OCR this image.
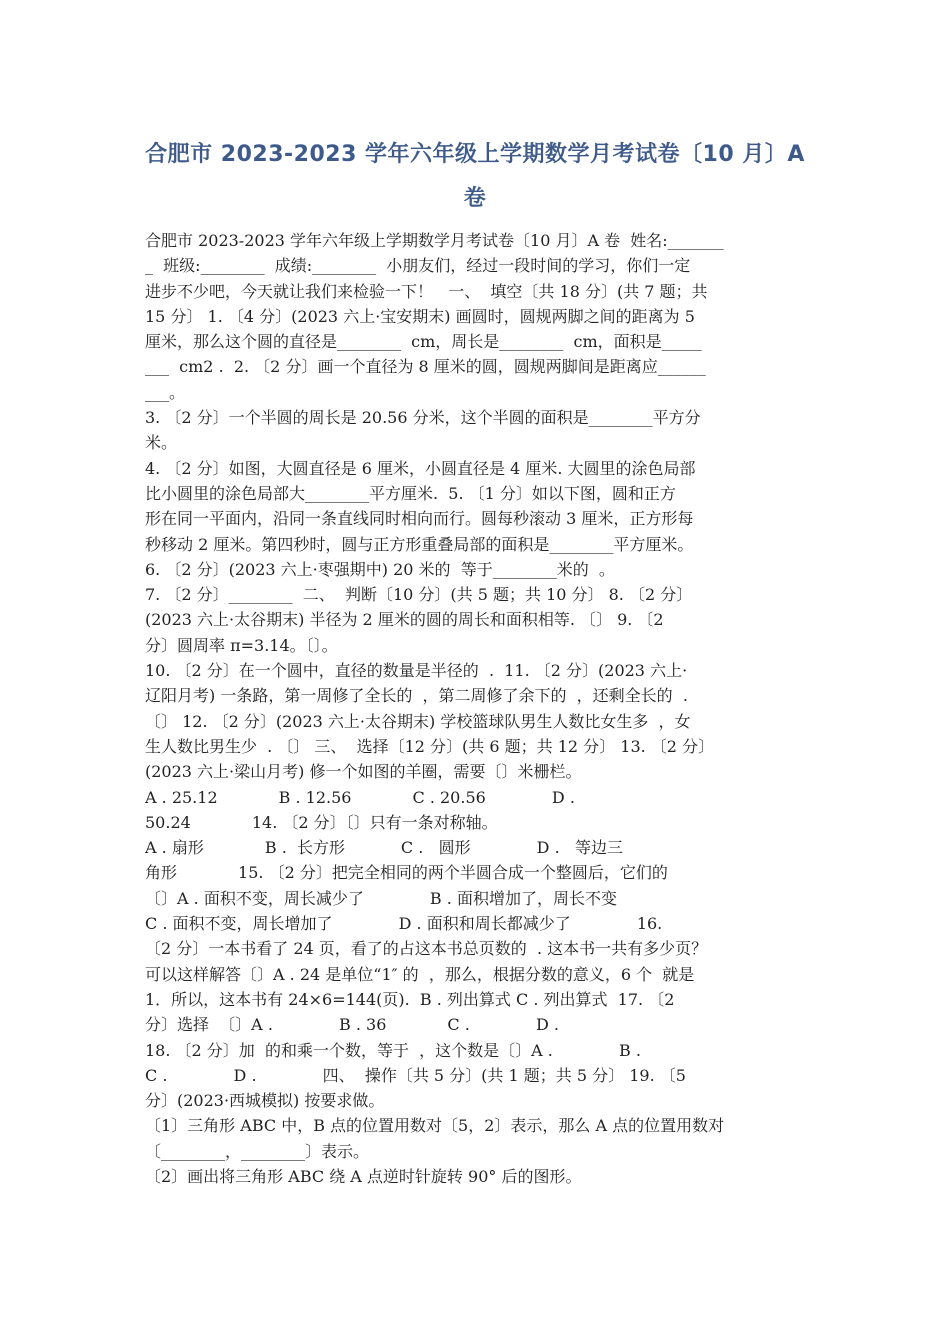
合肥市 2023-2023 学年六年级上学期数学月考试卷〔10 月〕A
卷
合肥市 2023-2023 学年六年级上学期数学月考试卷〔10 月〕A 卷  姓名:_______
_  班级:________  成绩:________  小朋友们，经过一段时间的学习，你们一定
进步不少吧，今天就让我们来检验一下！   一、  填空〔共 18 分〕(共 7 题；共
15 分〕 1. 〔4 分〕(2023 六上·宝安期末) 画圆时，圆规两脚之间的距离为 5
厘米，那么这个圆的直径是________  cm，周长是________  cm，面积是_____
___  cm2 .  2. 〔2 分〕画一个直径为 8 厘米的圆，圆规两脚间是距离应______
___。
3. 〔2 分〕一个半圆的周长是 20.56 分米，这个半圆的面积是________平方分
米。
4. 〔2 分〕如图，大圆直径是 6 厘米，小圆直径是 4 厘米. 大圆里的涂色局部
比小圆里的涂色局部大________平方厘米.  5. 〔1 分〕如以下图，圆和正方
形在同一平面内，沿同一条直线同时相向而行。圆每秒滚动 3 厘米，正方形每
秒移动 2 厘米。第四秒时，圆与正方形重叠局部的面积是________平方厘米。
6. 〔2 分〕(2023 六上·枣强期中) 20 米的  等于________米的  。
7. 〔2 分〕________  二、  判断〔10 分〕(共 5 题；共 10 分〕 8. 〔2 分〕
(2023 六上·太谷期末) 半径为 2 厘米的圆的周长和面积相等. 〔〕 9. 〔2
分〕圆周率 π=3.14。〔〕。
10. 〔2 分〕在一个圆中，直径的数量是半径的  .  11. 〔2 分〕(2023 六上·
辽阳月考) 一条路，第一周修了全长的  ，第二周修了余下的  ，还剩全长的  .
〔〕 12. 〔2 分〕(2023 六上·太谷期末) 学校篮球队男生人数比女生多  ，女
生人数比男生少  . 〔〕 三、  选择〔12 分〕(共 6 题；共 12 分〕 13. 〔2 分〕
(2023 六上·梁山月考) 修一个如图的羊圈，需要〔〕米栅栏。
A . 25.12            B . 12.56            C . 20.56             D .
50.24            14. 〔2 分〕〔〕只有一条对称轴。
A . 扇形            B .  长方形           C .   圆形             D .   等边三
角形            15. 〔2 分〕把完全相同的两个半圆合成一个整圆后，它们的
〔〕A . 面积不变，周长减少了             B . 面积增加了，周长不变
C . 面积不变，周长增加了             D . 面积和周长都减少了             16.
〔2 分〕一本书看了 24 页，看了的占这本书总页数的  . 这本书一共有多少页？
可以这样解答〔〕A . 24 是单位“1″ 的  ，那么，根据分数的意义，6 个  就是
1．所以，这本书有 24×6=144(页).  B . 列出算式 C . 列出算式  17. 〔2
分〕选择  〔〕A .             B . 36            C .             D .
18. 〔2 分〕加  的和乘一个数，等于  ，这个数是〔〕A .             B .
C .             D .             四、  操作〔共 5 分〕(共 1 题；共 5 分〕 19. 〔5
分〕(2023·西城模拟) 按要求做。
〔1〕三角形 ABC 中，B 点的位置用数对〔5，2〕表示，那么 A 点的位置用数对
〔________，________〕表示。
〔2〕画出将三角形 ABC 绕 A 点逆时针旋转 90° 后的图形。
